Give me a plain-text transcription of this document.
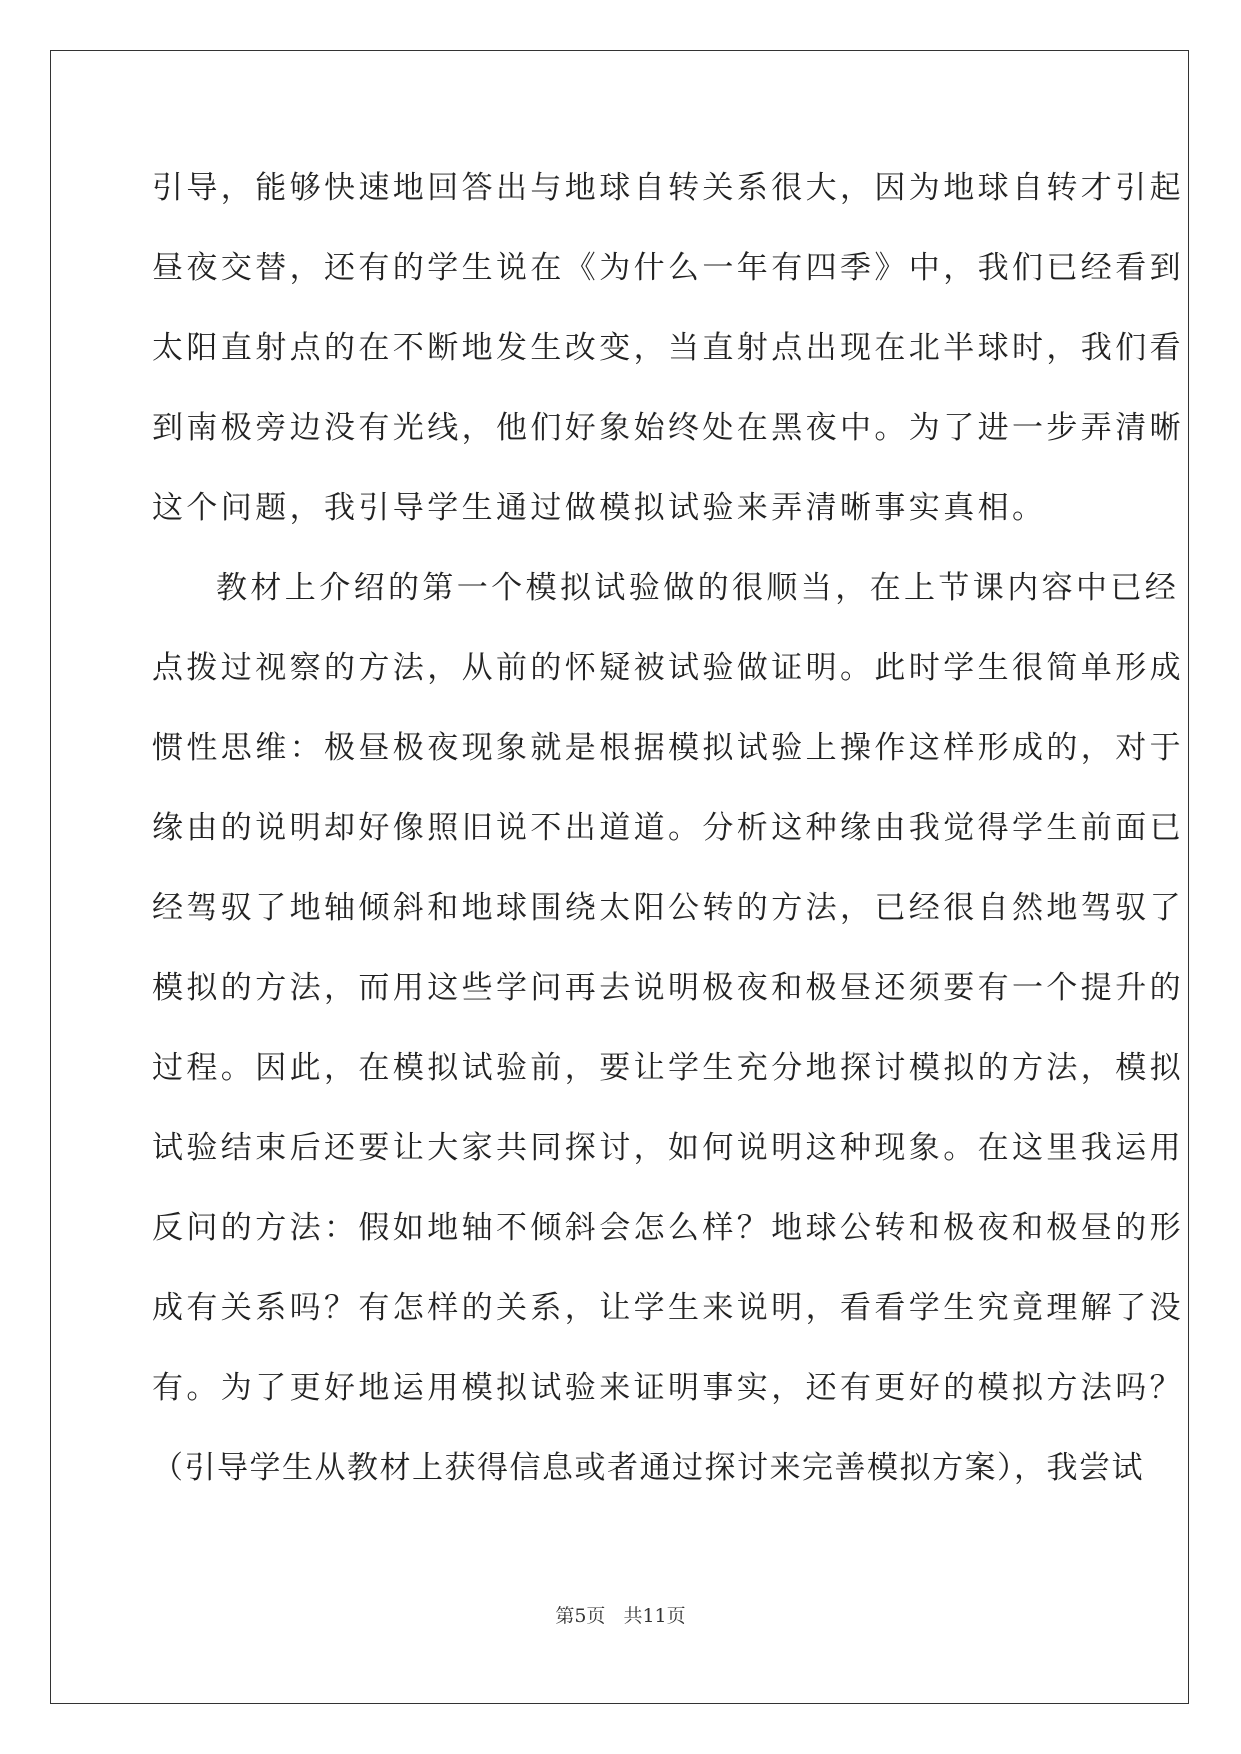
引导，能够快速地回答出与地球自转关系很大，因为地球自转才引起
昼夜交替，还有的学生说在《为什么一年有四季》中，我们已经看到
太阳直射点的在不断地发生改变，当直射点出现在北半球时，我们看
到南极旁边没有光线，他们好象始终处在黑夜中。为了进一步弄清晰
这个问题，我引导学生通过做模拟试验来弄清晰事实真相。
教材上介绍的第一个模拟试验做的很顺当，在上节课内容中已经
点拨过视察的方法，从前的怀疑被试验做证明。此时学生很简单形成
惯性思维：极昼极夜现象就是根据模拟试验上操作这样形成的，对于
缘由的说明却好像照旧说不出道道。分析这种缘由我觉得学生前面已
经驾驭了地轴倾斜和地球围绕太阳公转的方法，已经很自然地驾驭了
模拟的方法，而用这些学问再去说明极夜和极昼还须要有一个提升的
过程。因此，在模拟试验前，要让学生充分地探讨模拟的方法，模拟
试验结束后还要让大家共同探讨，如何说明这种现象。在这里我运用
反问的方法：假如地轴不倾斜会怎么样？地球公转和极夜和极昼的形
成有关系吗？有怎样的关系，让学生来说明，看看学生究竟理解了没
有。为了更好地运用模拟试验来证明事实，还有更好的模拟方法吗？
（引导学生从教材上获得信息或者通过探讨来完善模拟方案），我尝试
第5页 共11页
